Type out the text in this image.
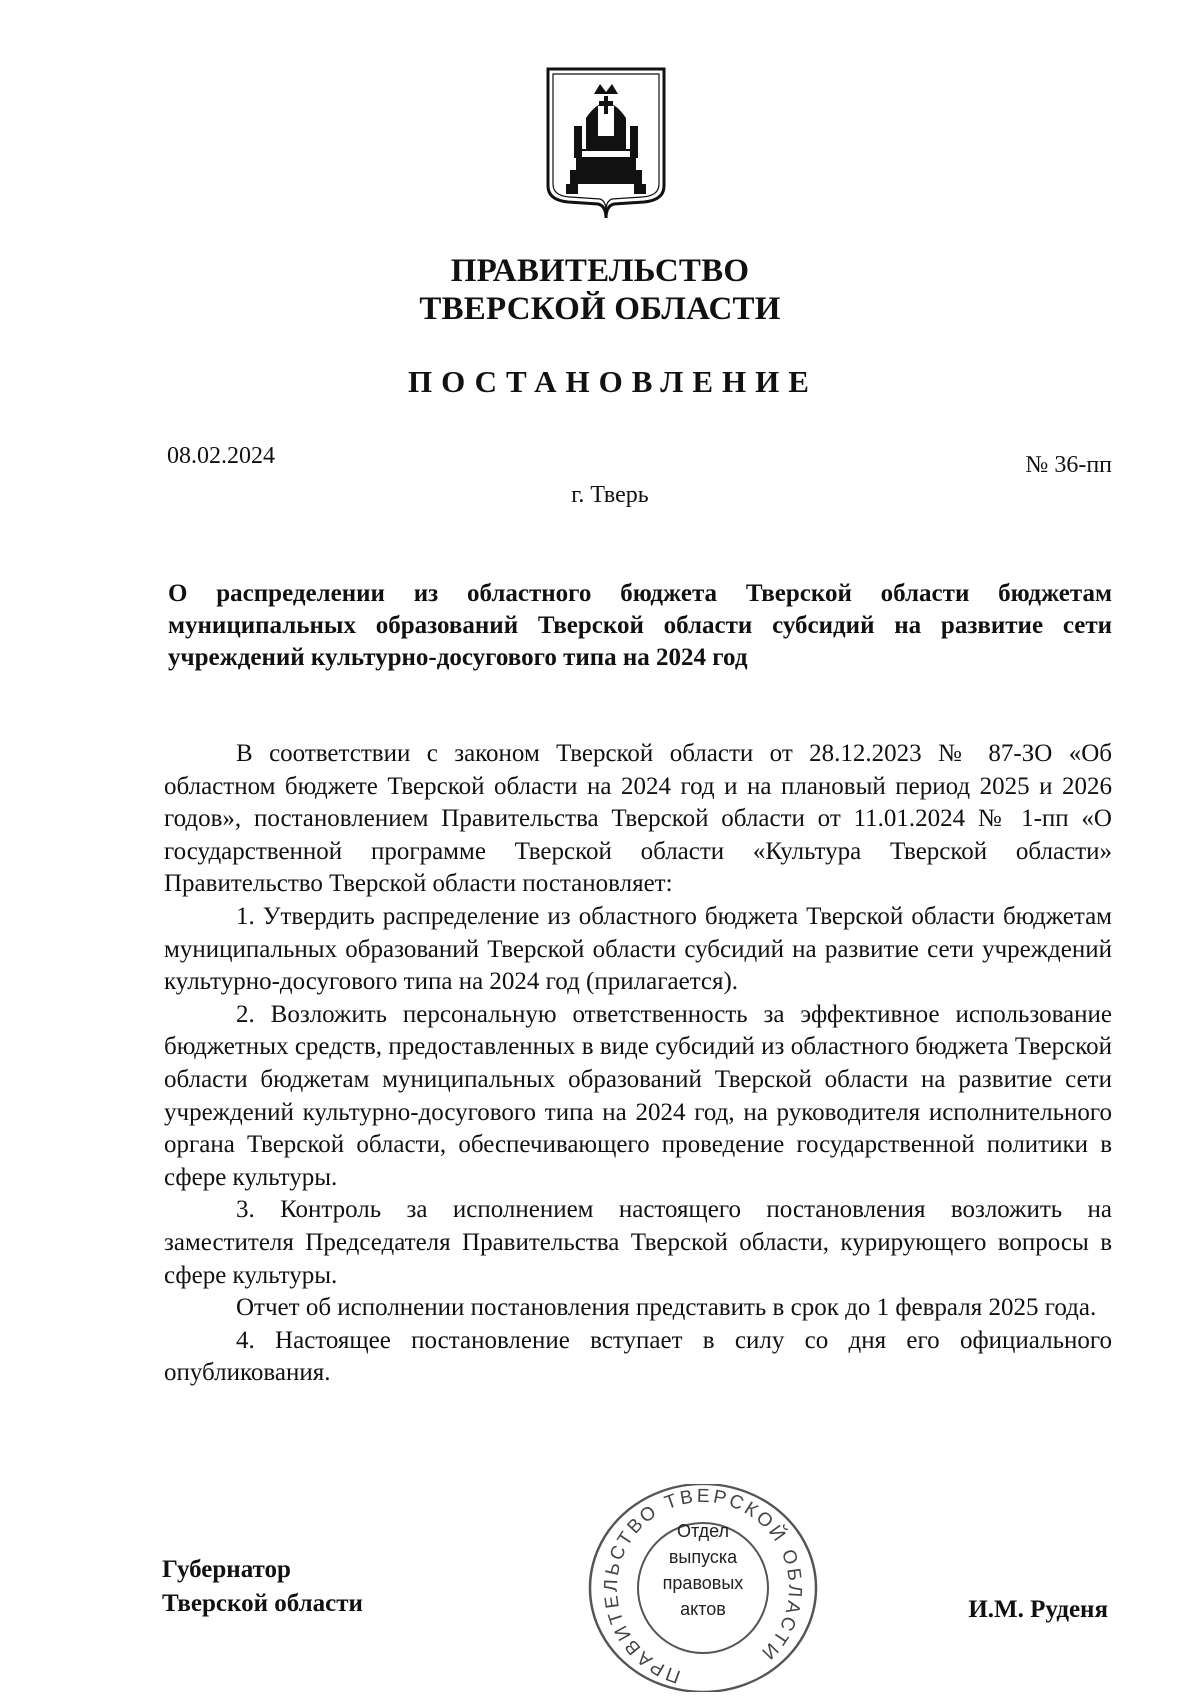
ПРАВИТЕЛЬСТВО
ТВЕРСКОЙ ОБЛАСТИ
ПОСТАНОВЛЕНИЕ
08.02.2024	№ 36-пп
г. Тверь
О распределении из областного бюджета Тверской области бюджетам муниципальных образований Тверской области субсидий на развитие сети учреждений культурно-досугового типа на 2024 год

В соответствии с законом Тверской области от 28.12.2023 № 87-ЗО «Об областном бюджете Тверской области на 2024 год и на плановый период 2025 и 2026 годов», постановлением Правительства Тверской области от 11.01.2024 № 1-пп «О государственной программе Тверской области «Культура Тверской области» Правительство Тверской области постановляет:

1. Утвердить распределение из областного бюджета Тверской области бюджетам муниципальных образований Тверской области субсидий на развитие сети учреждений культурно-досугового типа на 2024 год (прилагается).

2. Возложить персональную ответственность за эффективное использование бюджетных средств, предоставленных в виде субсидий из областного бюджета Тверской области бюджетам муниципальных образований Тверской области на развитие сети учреждений культурно-досугового типа на 2024 год, на руководителя исполнительного органа Тверской области, обеспечивающего проведение государственной политики в сфере культуры.

3. Контроль за исполнением настоящего постановления возложить на заместителя Председателя Правительства Тверской области, курирующего вопросы в сфере культуры.

Отчет об исполнении постановления представить в срок до 1 февраля 2025 года.

4. Настоящее постановление вступает в силу со дня его официального опубликования.

ПРАВИТЕЛЬСТВО ТВЕРСКОЙ ОБЛАСТИ
Отдел
выпуска
правовых
актов
Губернатор
Тверской области	И.М. Руденя
